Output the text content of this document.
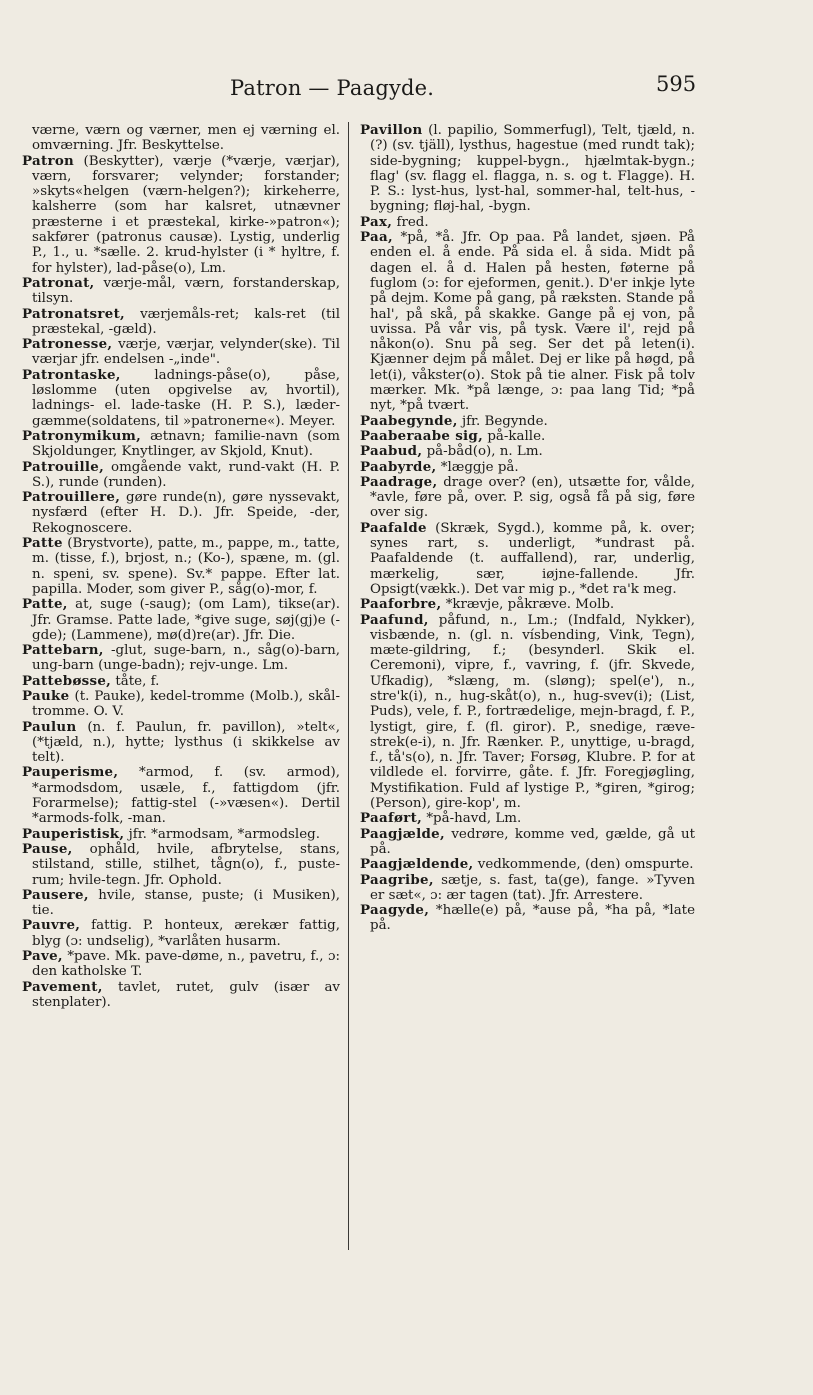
Patron — Paagyde.	595

værne, værn og værner, men ej værning el. omværning. Jfr. Beskyttelse.

Patron (Beskytter), værje (*værje, værjar), værn, forsvarer; velynder; forstander; »skyts«helgen (værn-helgen?); kirkeherre, kalsherre (som har kalsret, utnævner præsterne i et præstekal, kirke-»patron«); sakfører (patronus causæ). Lystig, underlig P., 1., u. *sælle. 2. krud-hylster (i * hyltre, f. for hylster), lad-påse(o), Lm.

Patronat, værje-mål, værn, forstanderskap, tilsyn.

Patronatsret, værjemåls-ret; kals-ret (til præstekal, -gæld).

Patronesse, værje, værjar, velynder(ske). Til værjar jfr. endelsen -„inde".

Patrontaske,	ladnings-påse(o), påse, løslomme (uten opgivelse av, hvortil), ladnings- el. lade-taske (H. P. S.), læder-gæmme(soldatens, til »patronerne«). Meyer.

Patronymikum, ætnavn; familie-navn (som Skjoldunger, Knytlinger, av Skjold, Knut).

Patrouille, omgående vakt, rund-vakt (H. P. S.), runde (runden).

Patrouillere, gøre runde(n), gøre nyssevakt, nysfærd (efter H. D.). Jfr. Speide, -der, Rekognoscere.

Patte (Brystvorte), patte, m., pappe, m., tatte, m. (tisse, f.), brjost, n.; (Ko-), spæne, m. (gl. n. speni, sv. spene). Sv.* pappe. Efter lat. papilla. Moder, som giver P., såg(o)-mor, f.

Patte, at, suge (-saug); (om Lam), tikse(ar). Jfr. Gramse. Patte lade, *give suge, søj(gj)e (-gde); (Lammene), mø(d)re(ar). Jfr. Die.

Pattebarn, -glut, suge-barn, n., såg(o)-barn, ung-barn (unge-badn); rejv-unge. Lm.

Pattebøsse, tåte, f.

Pauke (t. Pauke), kedel-tromme (Molb.), skål-tromme. O. V.

Paulun (n. f. Paulun, fr. pavillon), »telt«, (*tjæld, n.), hytte; lysthus (i skikkelse av telt).

Pauperisme, *armod, f. (sv. armod), *armodsdom, usæle, f., fattigdom (jfr. Forarmelse); fattig-stel (-»væsen«). Dertil *armods-folk, -man.

Pauperistisk, jfr. *armodsam, *armodsleg.

Pause, ophåld, hvile, afbrytelse, stans, stilstand, stille, stilhet, tågn(o), f., puste-rum; hvile-tegn. Jfr. Ophold.

Pausere, hvile, stanse, puste; (i Musiken), tie.

Pauvre, fattig. P. honteux, ærekær fattig, blyg (ɔ: undselig), *varlåten husarm.

Pave, *pave. Mk. pave-døme, n., pavetru, f., ɔ: den katholske T.

Pavement, tavlet, rutet, gulv (især av stenplater).

Pavillon (l. papilio, Sommerfugl), Telt, tjæld, n. (?) (sv. tjäll), lysthus, hagestue (med rundt tak); side-bygning; kuppel-bygn., hjælmtak-bygn.; flag' (sv. flagg el. flagga, n. s. og t. Flagge). H. P. S.: lyst-hus, lyst-hal, sommer-hal, telt-hus, -bygning; fløj-hal, -bygn.

Pax, fred.

Paa, *på, *å. Jfr. Op paa. På landet, sjøen. På enden el. å ende. På sida el. å sida. Midt på dagen el. å d. Halen på hesten, føterne på fuglom (ɔ: for ejeformen, genit.). D'er inkje lyte på dejm. Kome på gang, på ræksten. Stande på hal', på skå, på skakke. Gange på ej von, på uvissa. På vår vis, på tysk. Være il', rejd på nåkon(o). Snu på seg. Ser det på leten(i). Kjænner dejm på målet. Dej er like på høgd, på let(i), våkster(o). Stok på tie alner. Fisk på tolv mærker. Mk. *på længe, ɔ: paa lang Tid; *på nyt, *på tvært.

Paabegynde, jfr. Begynde.

Paaberaabe sig, på-kalle.

Paabud, på-båd(o), n. Lm.

Paabyrde, *læggje på.

Paadrage, drage over? (en), utsætte for, vålde, *avle, føre på, over. P. sig, også få på sig, føre over sig.

Paafalde (Skræk, Sygd.), komme på, k. over; synes rart, s. underligt, *undrast på. Paafaldende (t. auffallend), rar, underlig, mærkelig, sær, iøjne-fallende. Jfr. Opsigt(vækk.). Det var mig p., *det ra'k meg.

Paaforbre, *krævje, påkræve. Molb.

Paafund, påfund, n., Lm.; (Indfald, Nykker), visbænde, n. (gl. n. vísbending, Vink, Tegn), mæte-gildring, f.; (besynderl. Skik el. Ceremoni), vipre, f., vavring, f. (jfr. Skvede, Ufkadig), *slæng, m. (sløng); spel(e'), n., stre'k(i), n., hug-skåt(o), n., hug-svev(i); (List, Puds), vele, f. P., fortrædelige, mejn-bragd, f. P., lystigt, gire, f. (fl. giror). P., snedige, ræve-strek(e-i), n. Jfr. Rænker. P., unyttige, u-bragd, f., tå's(o), n. Jfr. Taver; Forsøg, Klubre. P. for at vildlede el. forvirre, gåte. f. Jfr. Foregjøgling, Mystifikation. Fuld af lystige P., *giren, *girog; (Person), gire-kop', m.

Paaført, *på-havd, Lm.

Paagjælde, vedrøre, komme ved, gælde, gå ut på.

Paagjældende, vedkommende, (den) omspurte.

Paagribe, sætje, s. fast, ta(ge), fange. »Tyven er sæt«, ɔ: ær tagen (tat). Jfr. Arrestere.

Paagyde, *hælle(e) på, *ause på, *ha på, *late på.
